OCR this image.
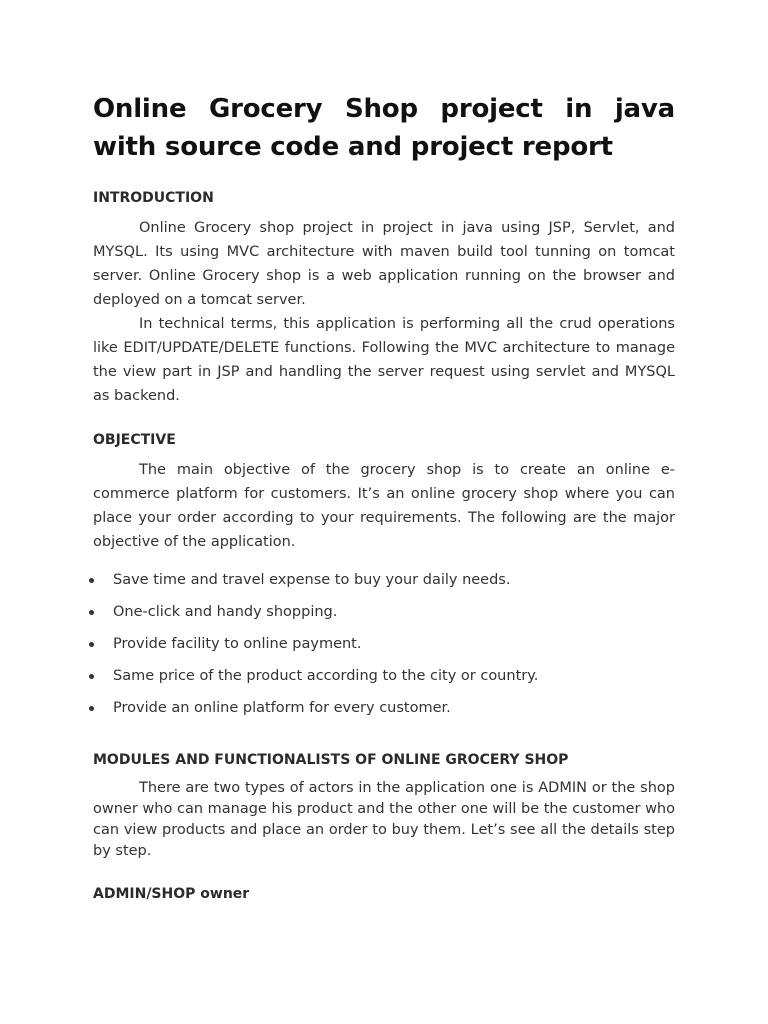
Online Grocery Shop project in java with source code and project report
INTRODUCTION

Online Grocery shop project in project in java using JSP, Servlet, and MYSQL. Its using MVC architecture with maven build tool tunning on tomcat server. Online Grocery shop is a web application running on the browser and deployed on a tomcat server.

In technical terms, this application is performing all the crud operations like EDIT/UPDATE/DELETE functions. Following the MVC architecture to manage the view part in JSP and handling the server request using servlet and MYSQL as backend.

OBJECTIVE

The main objective of the grocery shop is to create an online e-commerce platform for customers. It’s an online grocery shop where you can place your order according to your requirements. The following are the major objective of the application.

Save time and travel expense to buy your daily needs.
One-click and handy shopping.
Provide facility to online payment.
Same price of the product according to the city or country.
Provide an online platform for every customer.
MODULES AND FUNCTIONALISTS OF ONLINE GROCERY SHOP

There are two types of actors in the application one is ADMIN or the shop owner who can manage his product and the other one will be the customer who can view products and place an order to buy them. Let’s see all the details step by step.

ADMIN/SHOP owner
